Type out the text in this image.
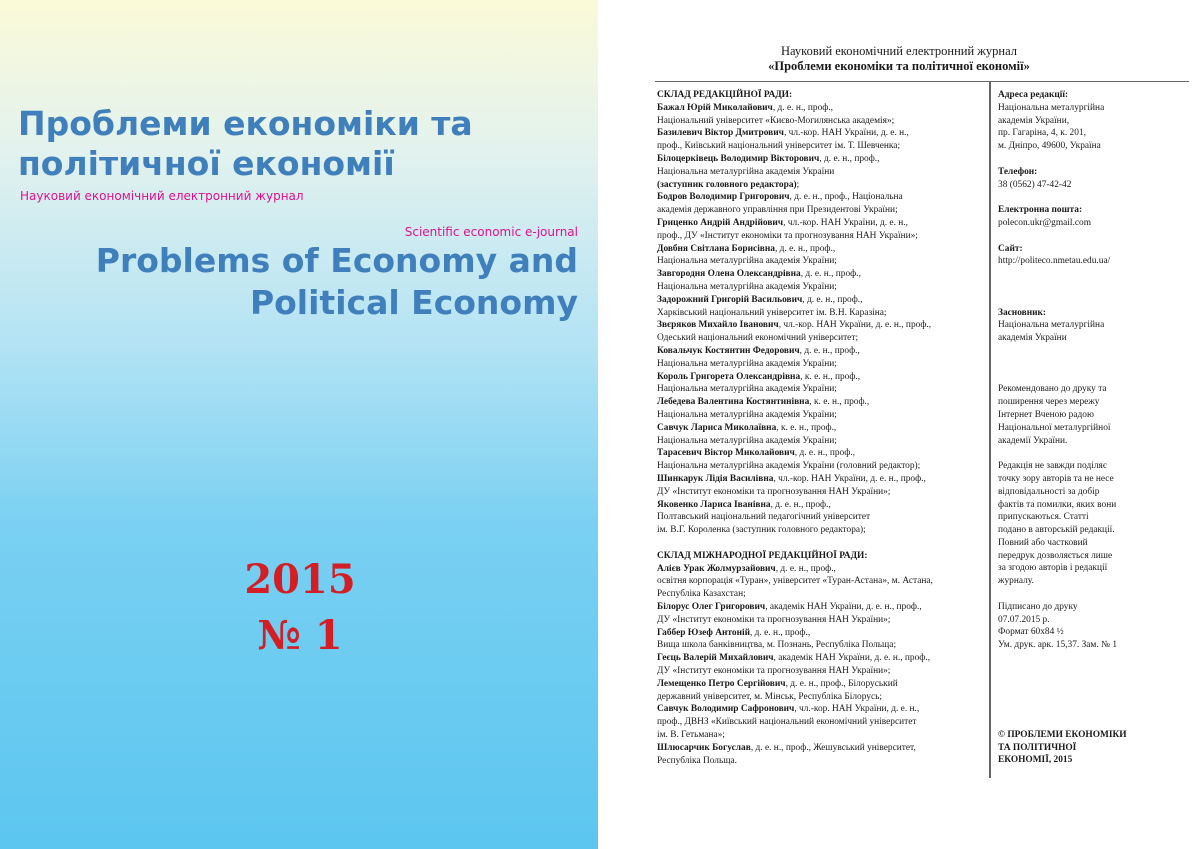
Проблеми економіки та
політичної економії
Науковий економічний електронний журнал
Scientific economic e-journal
Problems of Economy and
Political Economy
2015
№ 1
Науковий економічний електронний журнал
«Проблеми економіки та політичної економії»
СКЛАД РЕДАКЦІЙНОЇ РАДИ:
Бажал Юрій Миколайович, д. е. н., проф.,
Національний університет «Києво-Могилянська академія»;
Базилевич Віктор Дмитрович, чл.-кор. НАН України, д. е. н.,
проф., Київський національний університет ім. Т. Шевченка;
Білоцерківець Володимир Вікторович, д. е. н., проф.,
Національна металургійна академія України
(заступник головного редактора);
Бодров Володимир Григорович, д. е. н., проф., Національна
академія державного управління при Президентові України;
Гриценко Андрій Андрійович, чл.-кор. НАН України, д. е. н.,
проф., ДУ «Інститут економіки та прогнозування НАН України»;
Довбня Світлана Борисівна, д. е. н., проф.,
Національна металургійна академія України;
Завгородня Олена Олександрівна, д. е. н., проф.,
Національна металургійна академія України;
Задорожний Григорій Васильович, д. е. н., проф.,
Харківський національний університет ім. В.Н. Каразіна;
Звєряков Михайло Іванович, чл.-кор. НАН України, д. е. н., проф.,
Одеський національний економічний університет;
Ковальчук Костянтин Федорович, д. е. н., проф.,
Національна металургійна академія України;
Король Григорета Олександрівна, к. е. н., проф.,
Національна металургійна академія України;
Лебедева Валентина Костянтинівна, к. е. н., проф.,
Національна металургійна академія України;
Савчук Лариса Миколаївна, к. е. н., проф.,
Національна металургійна академія України;
Тарасевич Віктор Миколайович, д. е. н., проф.,
Національна металургійна академія України (головний редактор);
Шинкарук Лідія Василівна, чл.-кор. НАН України, д. е. н., проф.,
ДУ «Інститут економіки та прогнозування НАН України»;
Яковенко Лариса Іванівна, д. е. н., проф.,
Полтавський національний педагогічний університет
ім. В.Г. Короленка (заступник головного редактора);
СКЛАД МІЖНАРОДНОЇ РЕДАКЦІЙНОЇ РАДИ:
Алієв Урак Жолмурзайович, д. е. н., проф.,
освітня корпорація «Туран», університет «Туран-Астана», м. Астана,
Республіка Казахстан;
Білорус Олег Григорович, академік НАН України, д. е. н., проф.,
ДУ «Інститут економіки та прогнозування НАН України»;
Габбер Юзеф Антоній, д. е. н., проф.,
Вища школа банківництва, м. Познань, Республіка Польща;
Геєць Валерій Михайлович, академік НАН України, д. е. н., проф.,
ДУ «Інститут економіки та прогнозування НАН України»;
Лемещенко Петро Сергійович, д. е. н., проф., Білоруський
державний університет, м. Мінськ, Республіка Білорусь;
Савчук Володимир Сафронович, чл.-кор. НАН України, д. е. н.,
проф., ДВНЗ «Київський національний економічний університет
ім. В. Гетьмана»;
Шлюсарчик Богуслав, д. е. н., проф., Жешувський університет,
Республіка Польща.
Адреса редакції:
Національна металургійна
академія України,
пр. Гагаріна, 4, к. 201,
м. Дніпро, 49600, Україна
Телефон:
38 (0562) 47-42-42
Електронна пошта:
polecon.ukr@gmail.com
Сайт:
http://politeco.nmetau.edu.ua/
Засновник:
Національна металургійна
академія України
Рекомендовано до друку та
поширення через мережу
Інтернет Вченою радою
Національної металургійної
академії України.
Редакція не завжди поділяє
точку зору авторів та не несе
відповідальності за добір
фактів та помилки, яких вони
припускаються. Статті
подано в авторській редакції.
Повний або частковий
передрук дозволяється лише
за згодою авторів і редакції
журналу.
Підписано до друку
07.07.2015 р.
Формат 60x84 ½
Ум. друк. арк. 15,37. Зам. № 1
© ПРОБЛЕМИ ЕКОНОМІКИ
ТА ПОЛІТИЧНОЇ
ЕКОНОМІЇ, 2015
